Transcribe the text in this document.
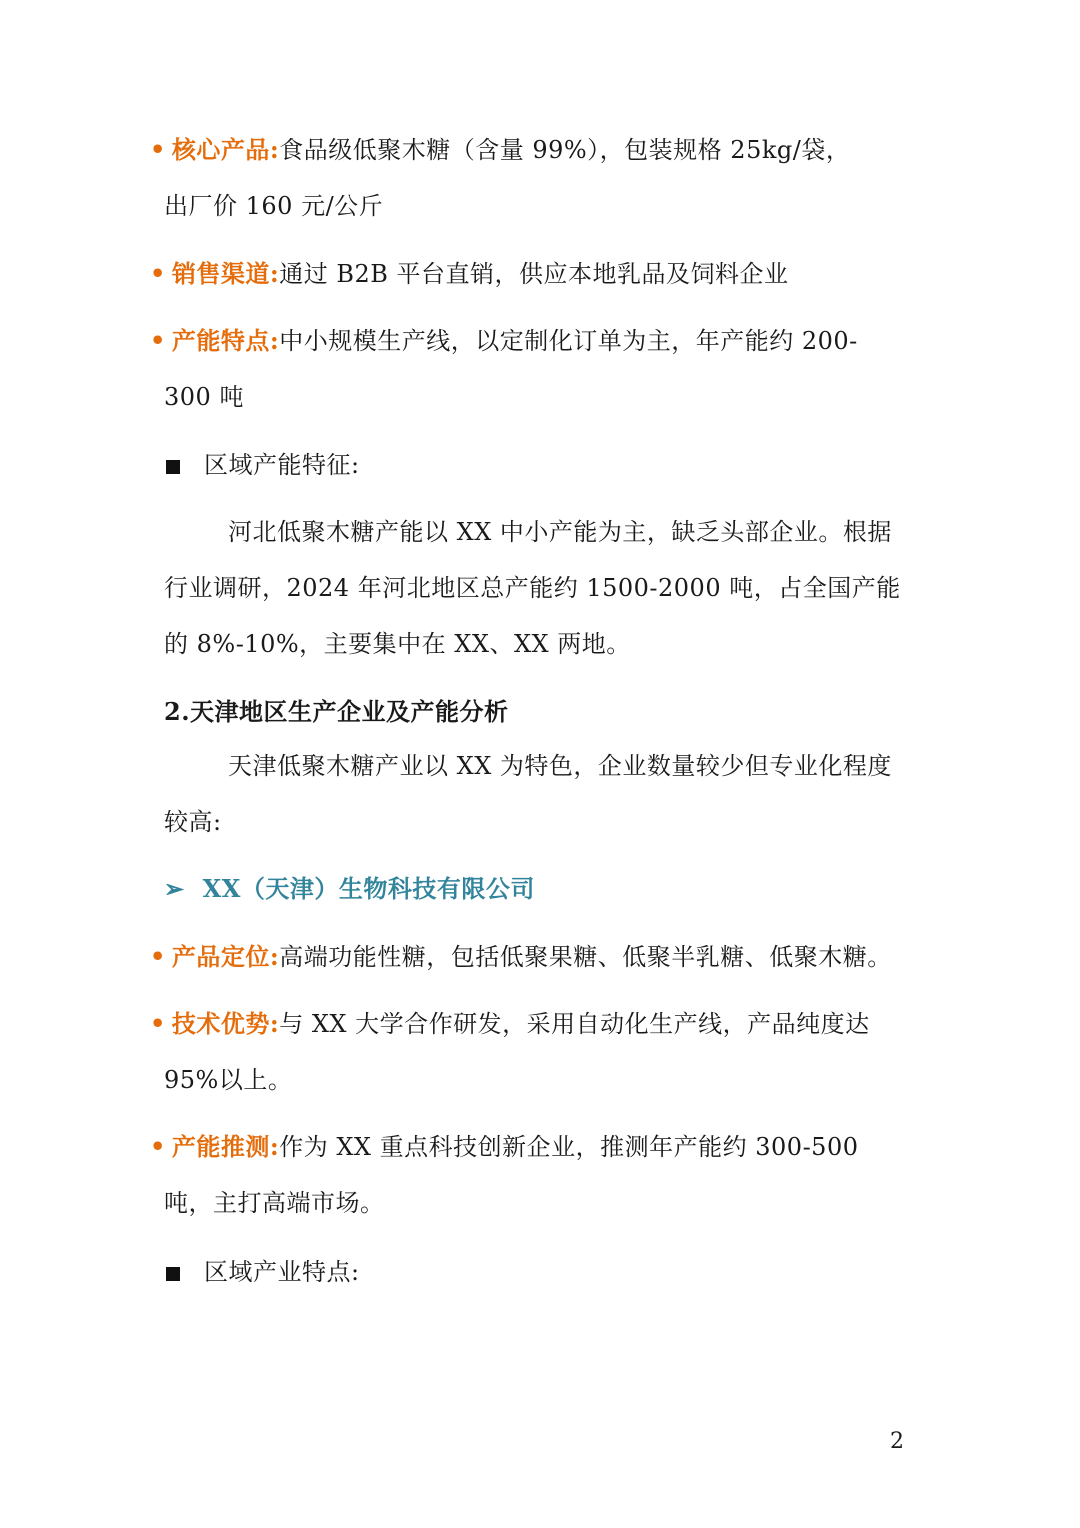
• 核心产品:食品级低聚木糖（含量 99%），包装规格 25kg/袋，
出厂价 160 元/公斤
• 销售渠道:通过 B2B 平台直销，供应本地乳品及饲料企业
• 产能特点:中小规模生产线，以定制化订单为主，年产能约 200-
300 吨
区域产能特征:
河北低聚木糖产能以 XX 中小产能为主，缺乏头部企业。根据
行业调研，2024 年河北地区总产能约 1500-2000 吨，占全国产能
的 8%-10%，主要集中在 XX、XX 两地。
2.天津地区生产企业及产能分析
天津低聚木糖产业以 XX 为特色，企业数量较少但专业化程度
较高:
➢ XX（天津）生物科技有限公司
• 产品定位:高端功能性糖，包括低聚果糖、低聚半乳糖、低聚木糖。
• 技术优势:与 XX 大学合作研发，采用自动化生产线，产品纯度达
95%以上。
• 产能推测:作为 XX 重点科技创新企业，推测年产能约 300-500
吨，主打高端市场。
区域产业特点:
2
